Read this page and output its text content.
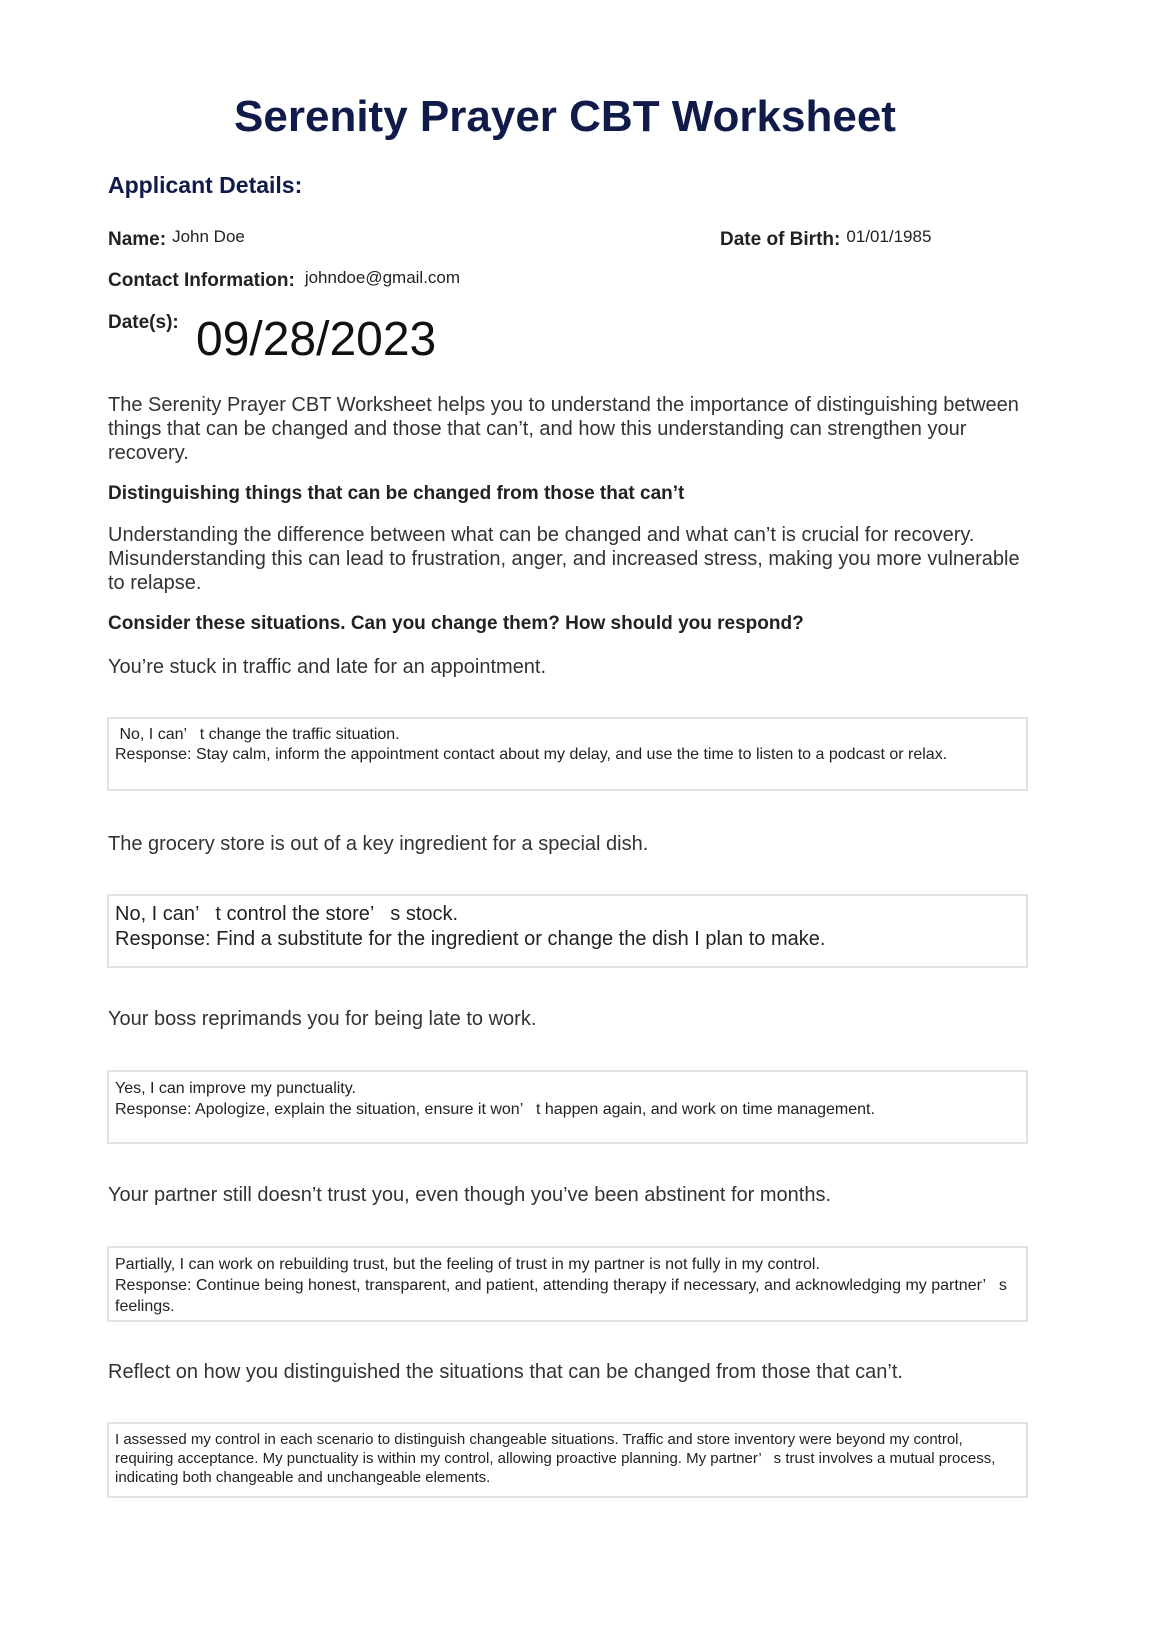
Serenity Prayer CBT Worksheet
Applicant Details:
Name: John Doe	Date of Birth: 01/01/1985
Contact Information: johndoe@gmail.com
Date(s): 09/28/2023
The Serenity Prayer CBT Worksheet helps you to understand the importance of distinguishing between things that can be changed and those that can’t, and how this understanding can strengthen your recovery.
Distinguishing things that can be changed from those that can’t
Understanding the difference between what can be changed and what can’t is crucial for recovery. Misunderstanding this can lead to frustration, anger, and increased stress, making you more vulnerable to relapse.
Consider these situations. Can you change them? How should you respond?
You’re stuck in traffic and late for an appointment.
No, I can’   t change the traffic situation.
Response: Stay calm, inform the appointment contact about my delay, and use the time to listen to a podcast or relax.
The grocery store is out of a key ingredient for a special dish.
No, I can’   t control the store’   s stock.
Response: Find a substitute for the ingredient or change the dish I plan to make.
Your boss reprimands you for being late to work.
Yes, I can improve my punctuality.
Response: Apologize, explain the situation, ensure it won’   t happen again, and work on time management.
Your partner still doesn’t trust you, even though you’ve been abstinent for months.
Partially, I can work on rebuilding trust, but the feeling of trust in my partner is not fully in my control.
Response: Continue being honest, transparent, and patient, attending therapy if necessary, and acknowledging my partner’   s feelings.
Reflect on how you distinguished the situations that can be changed from those that can’t.
I assessed my control in each scenario to distinguish changeable situations. Traffic and store inventory were beyond my control, requiring acceptance. My punctuality is within my control, allowing proactive planning. My partner’   s trust involves a mutual process, indicating both changeable and unchangeable elements.
